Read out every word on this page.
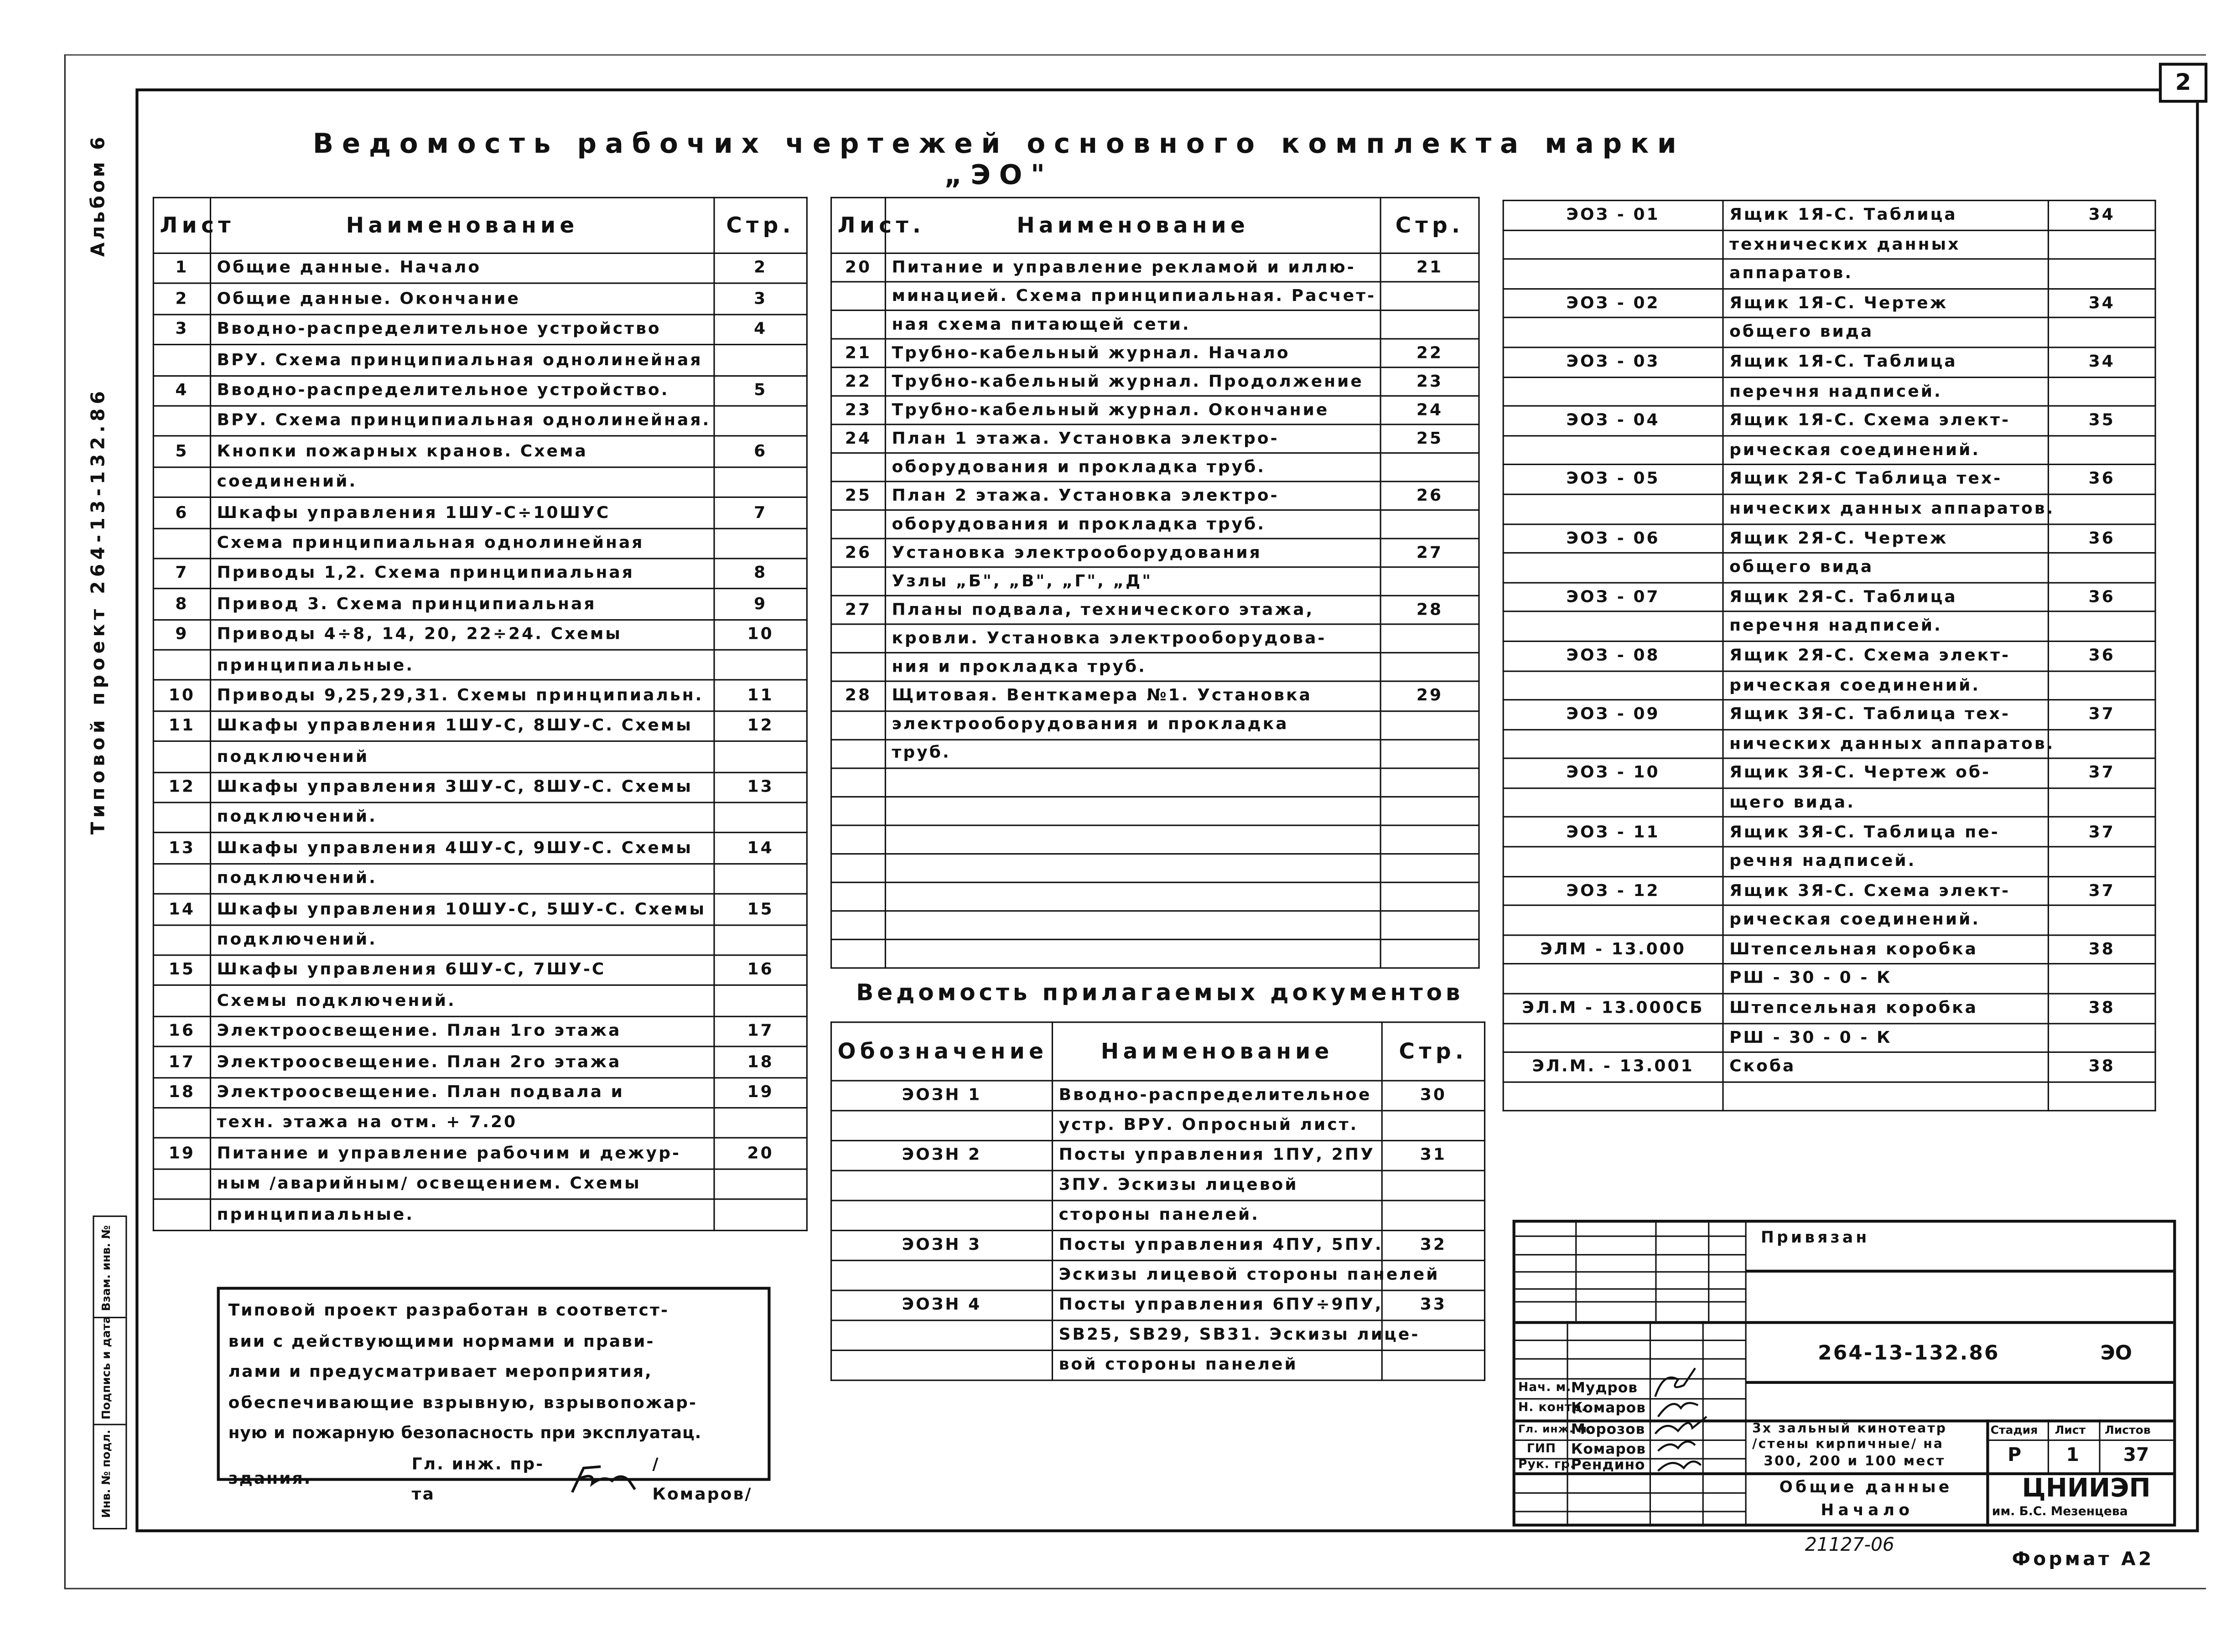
2
Типовой проект 264-13-132.86
Альбом 6
Взам. инв. №
Подпись и дата
Инв. № подл.
Ведомость рабочих чертежей основного комплекта марки „ЭО"
Лист	Наименование	Стр.
1	Общие данные. Начало	2
2	Общие данные. Окончание	3
3	Вводно-распределительное устройство	4
	ВРУ. Схема принципиальная однолинейная	
4	Вводно-распределительное устройство.	5
	ВРУ. Схема принципиальная однолинейная.	
5	Кнопки пожарных кранов. Схема	6
	соединений.	
6	Шкафы управления 1ШУ-С÷10ШУС	7
	Схема принципиальная однолинейная	
7	Приводы 1,2. Схема принципиальная	8
8	Привод 3. Схема принципиальная	9
9	Приводы 4÷8, 14, 20, 22÷24. Схемы	10
	принципиальные.	
10	Приводы 9,25,29,31. Схемы принципиальн.	11
11	Шкафы управления 1ШУ-С, 8ШУ-С. Схемы	12
	подключений	
12	Шкафы управления 3ШУ-С, 8ШУ-С. Схемы	13
	подключений.	
13	Шкафы управления 4ШУ-С, 9ШУ-С. Схемы	14
	подключений.	
14	Шкафы управления 10ШУ-С, 5ШУ-С. Схемы	15
	подключений.	
15	Шкафы управления 6ШУ-С, 7ШУ-С	16
	Схемы подключений.	
16	Электроосвещение. План 1го этажа	17
17	Электроосвещение. План 2го этажа	18
18	Электроосвещение. План подвала и	19
	техн. этажа на отм. + 7.20	
19	Питание и управление рабочим и дежур-	20
	ным /аварийным/ освещением. Схемы	
	принципиальные.	
Лист.	Наименование	Стр.
20	Питание и управление рекламой и иллю-	21
	минацией. Схема принципиальная. Расчет-	
	ная схема питающей сети.	
21	Трубно-кабельный журнал. Начало	22
22	Трубно-кабельный журнал. Продолжение	23
23	Трубно-кабельный журнал. Окончание	24
24	План 1 этажа. Установка электро-	25
	оборудования и прокладка труб.	
25	План 2 этажа. Установка электро-	26
	оборудования и прокладка труб.	
26	Установка электрооборудования	27
	Узлы „Б", „В", „Г", „Д"	
27	Планы подвала, технического этажа,	28
	кровли. Установка электрооборудова-	
	ния и прокладка труб.	
28	Щитовая. Венткамера №1. Установка	29
	электрооборудования и прокладка	
	труб.	

Ведомость прилагаемых документов
Обозначение	Наименование	Стр.
ЭОЗН 1	Вводно-распределительное	30
	устр. ВРУ. Опросный лист.	
ЭОЗН 2	Посты управления 1ПУ, 2ПУ	31
	3ПУ. Эскизы лицевой	
	стороны панелей.	
ЭОЗН 3	Посты управления 4ПУ, 5ПУ.	32
	Эскизы лицевой стороны панелей	
ЭОЗН 4	Посты управления 6ПУ÷9ПУ,	33
	SB25, SB29, SB31. Эскизы лице-	
	вой стороны панелей	
ЭОЗ - 01	Ящик 1Я-С. Таблица	34
	технических данных	
	аппаратов.	
ЭОЗ - 02	Ящик 1Я-С. Чертеж	34
	общего вида	
ЭОЗ - 03	Ящик 1Я-С. Таблица	34
	перечня надписей.	
ЭОЗ - 04	Ящик 1Я-С. Схема элект-	35
	рическая соединений.	
ЭОЗ - 05	Ящик 2Я-С Таблица тех-	36
	нических данных аппаратов.	
ЭОЗ - 06	Ящик 2Я-С. Чертеж	36
	общего вида	
ЭОЗ - 07	Ящик 2Я-С. Таблица	36
	перечня надписей.	
ЭОЗ - 08	Ящик 2Я-С. Схема элект-	36
	рическая соединений.	
ЭОЗ - 09	Ящик 3Я-С. Таблица тех-	37
	нических данных аппаратов.	
ЭОЗ - 10	Ящик 3Я-С. Чертеж об-	37
	щего вида.	
ЭОЗ - 11	Ящик 3Я-С. Таблица пе-	37
	речня надписей.	
ЭОЗ - 12	Ящик 3Я-С. Схема элект-	37
	рическая соединений.	
ЭЛМ - 13.000	Штепсельная коробка	38
	РШ - 30 - 0 - К	
ЭЛ.М - 13.000СБ	Штепсельная коробка	38
	РШ - 30 - 0 - К	
ЭЛ.М. - 13.001	Скоба	38

Типовой проект разработан в соответст-
вии с действующими нормами и прави-
лами и предусматривает мероприятия,
обеспечивающие взрывную, взрывопожар-
ную и пожарную безопасность при эксплуатац.
здания.
Гл. инж. пр-та
/Комаров/
Привязан
264-13-132.86	ЭО
Нач. м. Мудров
Н. контр.
Комаров
Гл. инж. м.
Морозов
ГИП	Комаров
Рук. гр.
Рендино
3х зальный кинотеатр
/стены кирпичные/ на
300, 200 и 100 мест
Стадия	Лист	Листов
Р	1	37
Общие данные
Начало
ЦНИИЭП
им. Б.С. Мезенцева
21127-06
Формат А2
